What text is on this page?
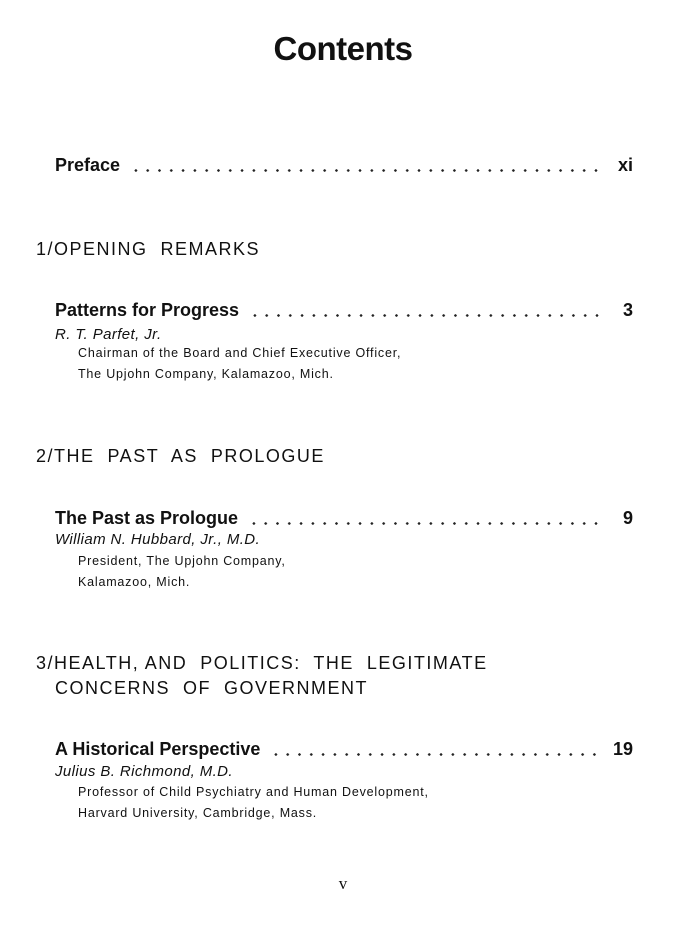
Contents
Preface	xi
1/OPENING  REMARKS
Patterns for Progress	3
R. T. Parfet, Jr.
Chairman of the Board and Chief Executive Officer,
The Upjohn Company, Kalamazoo, Mich.
2/THE  PAST  AS  PROLOGUE
The Past as Prologue	9
William N. Hubbard, Jr., M.D.
President, The Upjohn Company,
Kalamazoo, Mich.
3/HEALTH, AND  POLITICS:  THE  LEGITIMATE
CONCERNS  OF  GOVERNMENT
A Historical Perspective	19
Julius B. Richmond, M.D.
Professor of Child Psychiatry and Human Development,
Harvard University, Cambridge, Mass.
v
